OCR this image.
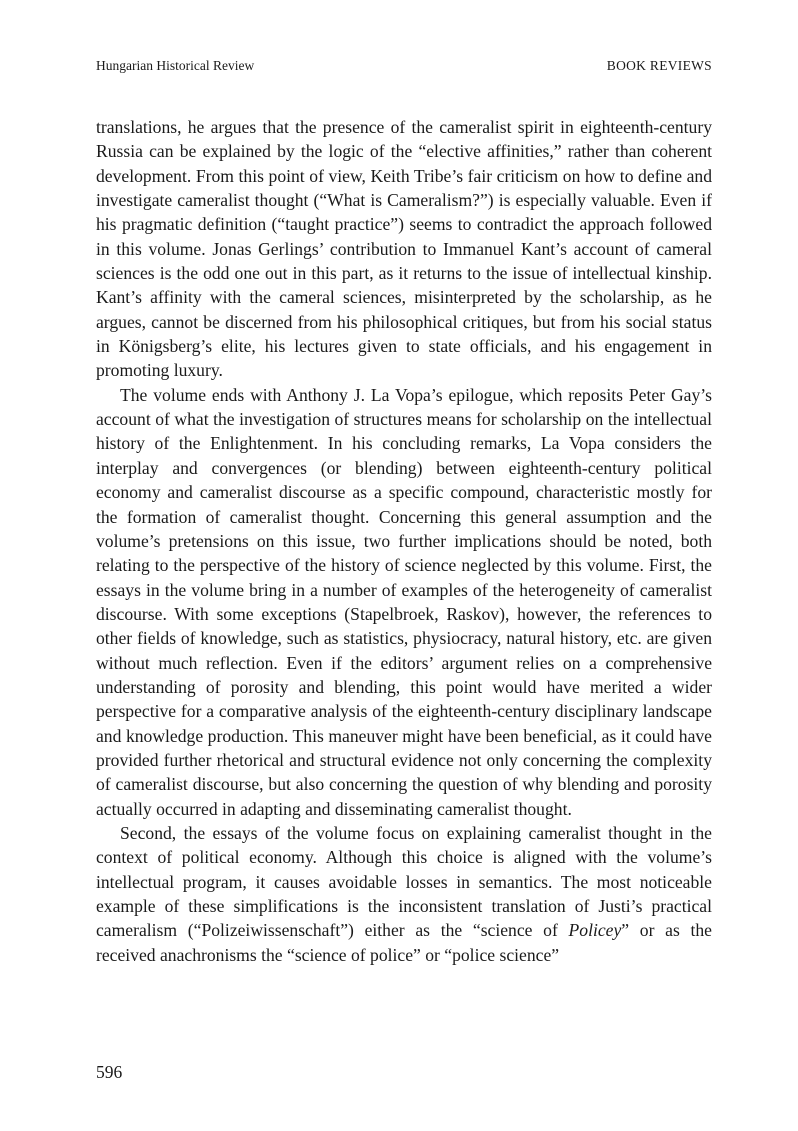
Hungarian Historical Review	BOOK REVIEWS

translations, he argues that the presence of the cameralist spirit in eighteenth-century Russia can be explained by the logic of the “elective affinities,” rather than coherent development. From this point of view, Keith Tribe’s fair criticism on how to define and investigate cameralist thought (“What is Cameralism?”) is especially valuable. Even if his pragmatic definition (“taught practice”) seems to contradict the approach followed in this volume. Jonas Gerlings’ contribution to Immanuel Kant’s account of cameral sciences is the odd one out in this part, as it returns to the issue of intellectual kinship. Kant’s affinity with the cameral sciences, misinterpreted by the scholarship, as he argues, cannot be discerned from his philosophical critiques, but from his social status in Königsberg’s elite, his lectures given to state officials, and his engagement in promoting luxury.

The volume ends with Anthony J. La Vopa’s epilogue, which reposits Peter Gay’s account of what the investigation of structures means for scholarship on the intellectual history of the Enlightenment. In his concluding remarks, La Vopa considers the interplay and convergences (or blending) between eighteenth-century political economy and cameralist discourse as a specific compound, characteristic mostly for the formation of cameralist thought. Concerning this general assumption and the volume’s pretensions on this issue, two further implications should be noted, both relating to the perspective of the history of science neglected by this volume. First, the essays in the volume bring in a number of examples of the heterogeneity of cameralist discourse. With some exceptions (Stapelbroek, Raskov), however, the references to other fields of knowledge, such as statistics, physiocracy, natural history, etc. are given without much reflection. Even if the editors’ argument relies on a comprehensive understanding of porosity and blending, this point would have merited a wider perspective for a comparative analysis of the eighteenth-century disciplinary landscape and knowledge production. This maneuver might have been beneficial, as it could have provided further rhetorical and structural evidence not only concerning the complexity of cameralist discourse, but also concerning the question of why blending and porosity actually occurred in adapting and disseminating cameralist thought.

Second, the essays of the volume focus on explaining cameralist thought in the context of political economy. Although this choice is aligned with the volume’s intellectual program, it causes avoidable losses in semantics. The most noticeable example of these simplifications is the inconsistent translation of Justi’s practical cameralism (“Polizeiwissenschaft”) either as the “science of Policey” or as the received anachronisms the “science of police” or “police science”

596
